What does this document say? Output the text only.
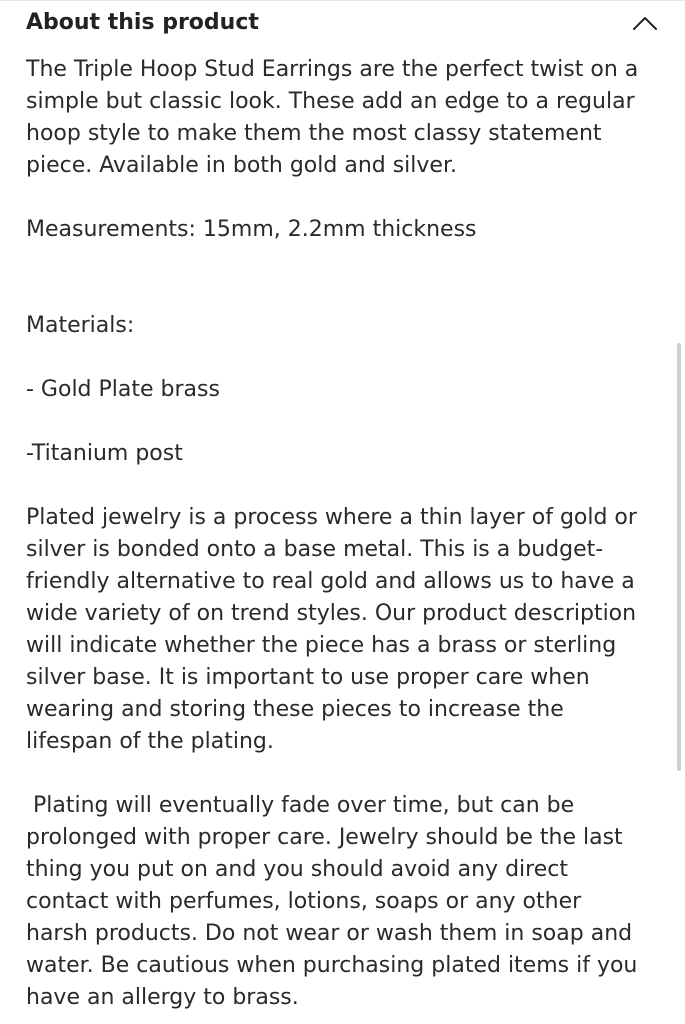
About this product

The Triple Hoop Stud Earrings are the perfect twist on a
simple but classic look. These add an edge to a regular
hoop style to make them the most classy statement
piece. Available in both gold and silver.

Measurements: 15mm, 2.2mm thickness

Materials:

- Gold Plate brass

-Titanium post

Plated jewelry is a process where a thin layer of gold or
silver is bonded onto a base metal. This is a budget-
friendly alternative to real gold and allows us to have a
wide variety of on trend styles. Our product description
will indicate whether the piece has a brass or sterling
silver base. It is important to use proper care when
wearing and storing these pieces to increase the
lifespan of the plating.

Plating will eventually fade over time, but can be
prolonged with proper care. Jewelry should be the last
thing you put on and you should avoid any direct
contact with perfumes, lotions, soaps or any other
harsh products. Do not wear or wash them in soap and
water. Be cautious when purchasing plated items if you
have an allergy to brass.
